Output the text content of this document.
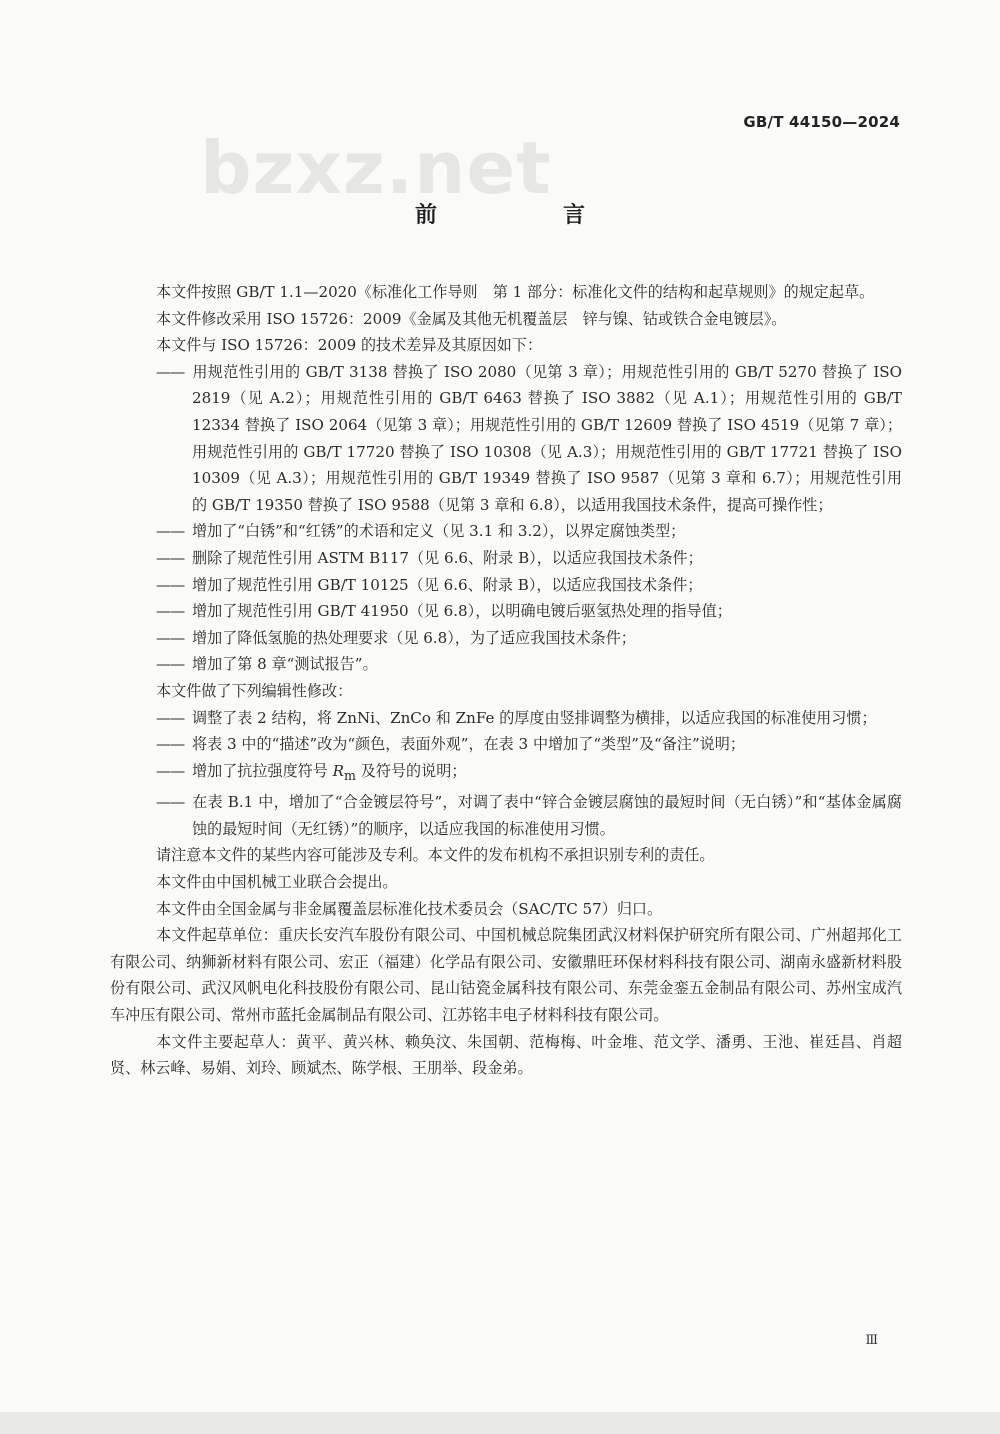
GB/T 44150—2024
bzxz.net
前　言

本文件按照 GB/T 1.1—2020《标准化工作导则　第 1 部分：标准化文件的结构和起草规则》的规定起草。

本文件修改采用 ISO 15726：2009《金属及其他无机覆盖层　锌与镍、钴或铁合金电镀层》。

本文件与 ISO 15726：2009 的技术差异及其原因如下：

—— 用规范性引用的 GB/T 3138 替换了 ISO 2080（见第 3 章）；用规范性引用的 GB/T 5270 替换了 ISO 2819（见 A.2）；用规范性引用的 GB/T 6463 替换了 ISO 3882（见 A.1）；用规范性引用的 GB/T 12334 替换了 ISO 2064（见第 3 章）；用规范性引用的 GB/T 12609 替换了 ISO 4519（见第 7 章）；用规范性引用的 GB/T 17720 替换了 ISO 10308（见 A.3）；用规范性引用的 GB/T 17721 替换了 ISO 10309（见 A.3）；用规范性引用的 GB/T 19349 替换了 ISO 9587（见第 3 章和 6.7）；用规范性引用的 GB/T 19350 替换了 ISO 9588（见第 3 章和 6.8），以适用我国技术条件，提高可操作性；

—— 增加了“白锈”和“红锈”的术语和定义（见 3.1 和 3.2），以界定腐蚀类型；

—— 删除了规范性引用 ASTM B117（见 6.6、附录 B），以适应我国技术条件；

—— 增加了规范性引用 GB/T 10125（见 6.6、附录 B），以适应我国技术条件；

—— 增加了规范性引用 GB/T 41950（见 6.8），以明确电镀后驱氢热处理的指导值；

—— 增加了降低氢脆的热处理要求（见 6.8），为了适应我国技术条件；

—— 增加了第 8 章“测试报告”。

本文件做了下列编辑性修改：

—— 调整了表 2 结构，将 ZnNi、ZnCo 和 ZnFe 的厚度由竖排调整为横排，以适应我国的标准使用习惯；

—— 将表 3 中的“描述”改为“颜色，表面外观”，在表 3 中增加了“类型”及“备注”说明；

—— 增加了抗拉强度符号 $R_m$ 及符号的说明；

—— 在表 B.1 中，增加了“合金镀层符号”，对调了表中“锌合金镀层腐蚀的最短时间（无白锈）”和“基体金属腐蚀的最短时间（无红锈）”的顺序，以适应我国的标准使用习惯。

请注意本文件的某些内容可能涉及专利。本文件的发布机构不承担识别专利的责任。

本文件由中国机械工业联合会提出。

本文件由全国金属与非金属覆盖层标准化技术委员会（SAC/TC 57）归口。

本文件起草单位：重庆长安汽车股份有限公司、中国机械总院集团武汉材料保护研究所有限公司、广州超邦化工有限公司、纳狮新材料有限公司、宏正（福建）化学品有限公司、安徽鼎旺环保材料科技有限公司、湖南永盛新材料股份有限公司、武汉风帆电化科技股份有限公司、昆山钴瓷金属科技有限公司、东莞金銮五金制品有限公司、苏州宝成汽车冲压有限公司、常州市蓝托金属制品有限公司、江苏铭丰电子材料科技有限公司。

本文件主要起草人：黄平、黄兴林、赖奂汶、朱国朝、范梅梅、叶金堆、范文学、潘勇、王池、崔廷昌、肖超贤、林云峰、易娟、刘玲、顾斌杰、陈学根、王朋举、段金弟。

Ⅲ
